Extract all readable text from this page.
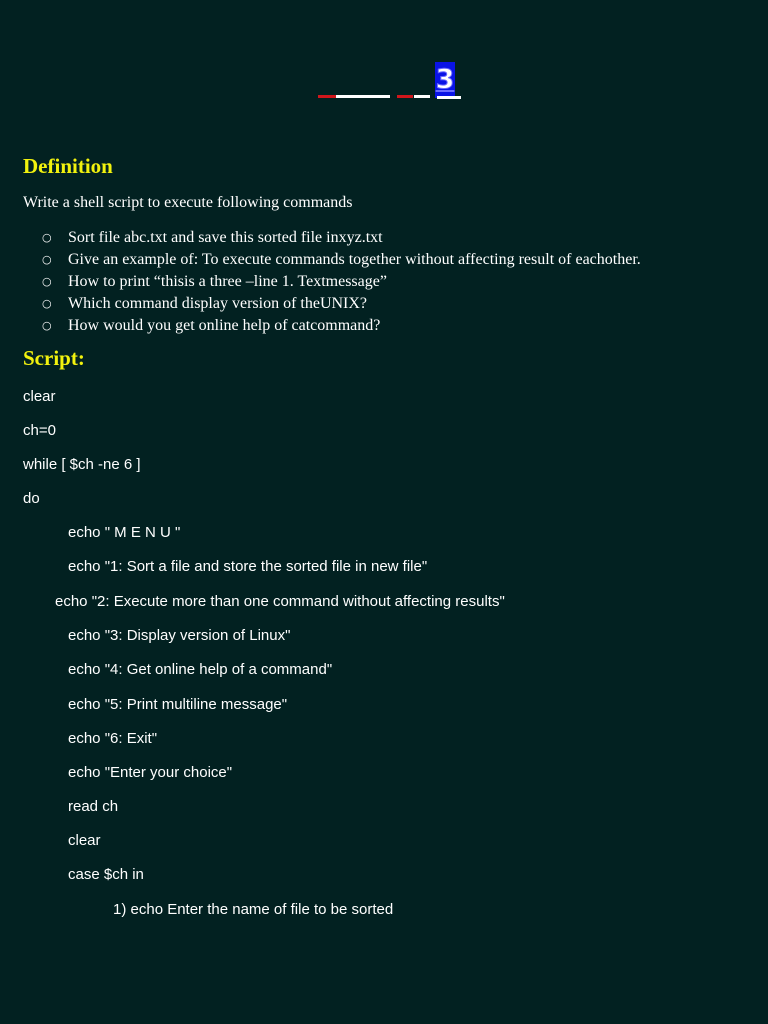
3
Definition

Write a shell script to execute following commands

○ Sort file abc.txt and save this sorted file inxyz.txt
○ Give an example of: To execute commands together without affecting result of eachother.
○ How to print “thisis a three –line 1. Textmessage”
○ Which command display version of theUNIX?
○ How would you get online help of catcommand?
Script:

clear

ch=0

while [ $ch -ne 6 ]

do

echo " M E N U "

echo "1: Sort a file and store the sorted file in new file"

echo "2: Execute more than one command without affecting results"

echo "3: Display version of Linux"

echo "4: Get online help of a command"

echo "5: Print multiline message"

echo "6: Exit"

echo "Enter your choice"

read ch

clear

case $ch in

1) echo Enter the name of file to be sorted
